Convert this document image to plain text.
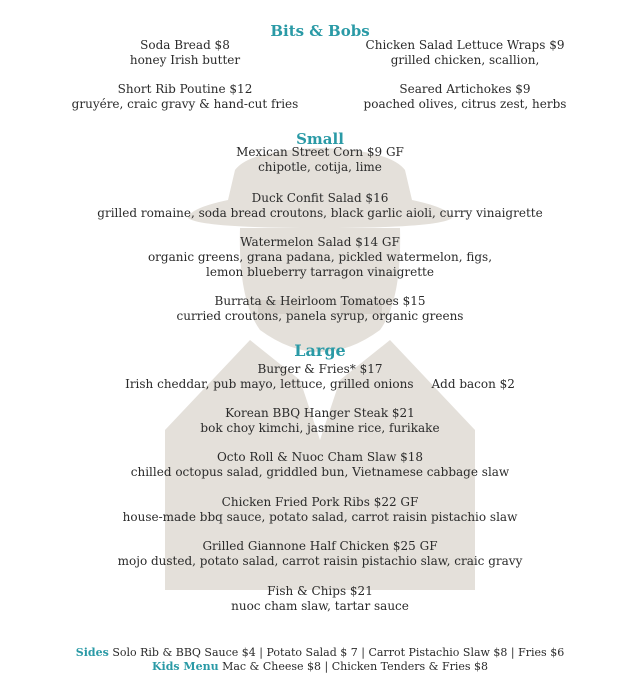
Bits & Bobs
Soda Bread $8
honey Irish butter
Chicken Salad Lettuce Wraps $9
grilled chicken, scallion,
Short Rib Poutine $12
gruyére, craic gravy & hand-cut fries
Seared Artichokes $9
poached olives, citrus zest, herbs
Small
Mexican Street Corn $9 GF
chipotle, cotija, lime
Duck Confit Salad $16
grilled romaine, soda bread croutons, black garlic aioli, curry vinaigrette
Watermelon Salad $14 GF
organic greens, grana padana, pickled watermelon, figs,
lemon blueberry tarragon vinaigrette
Burrata & Heirloom Tomatoes $15
curried croutons, panela syrup, organic greens
Large
Burger & Fries* $17
Irish cheddar, pub mayo, lettuce, grilled onions Add bacon $2
Korean BBQ Hanger Steak $21
bok choy kimchi, jasmine rice, furikake
Octo Roll & Nuoc Cham Slaw $18
chilled octopus salad, griddled bun, Vietnamese cabbage slaw
Chicken Fried Pork Ribs $22 GF
house-made bbq sauce, potato salad, carrot raisin pistachio slaw
Grilled Giannone Half Chicken $25 GF
mojo dusted, potato salad, carrot raisin pistachio slaw, craic gravy
Fish & Chips $21
nuoc cham slaw, tartar sauce
Sides Solo Rib & BBQ Sauce $4 | Potato Salad $ 7 | Carrot Pistachio Slaw $8 | Fries $6
Kids Menu Mac & Cheese $8 | Chicken Tenders & Fries $8
